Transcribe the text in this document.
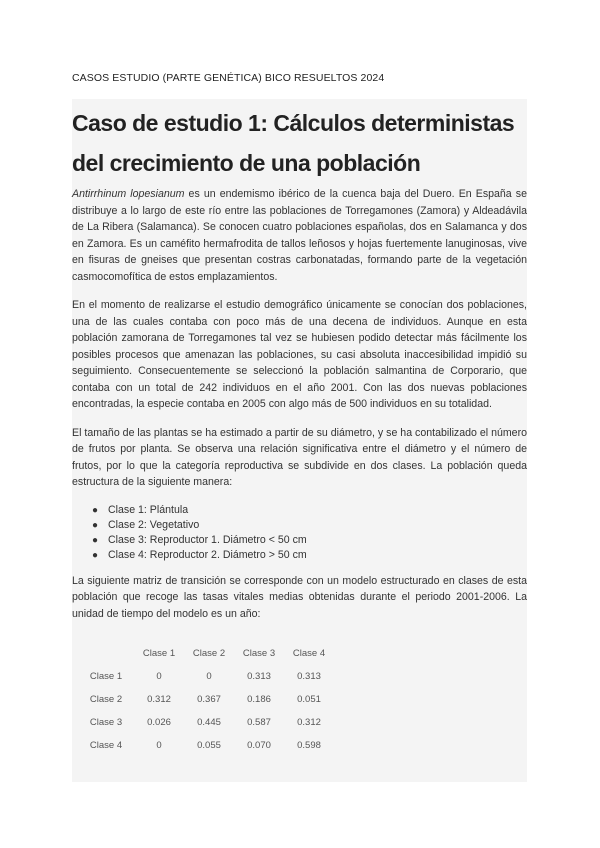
CASOS ESTUDIO (PARTE GENÉTICA) BICO RESUELTOS 2024
Caso de estudio 1: Cálculos deterministas del crecimiento de una población

Antirrhinum lopesianum es un endemismo ibérico de la cuenca baja del Duero. En España se distribuye a lo largo de este río entre las poblaciones de Torregamones (Zamora) y Aldeadávila de La Ribera (Salamanca). Se conocen cuatro poblaciones españolas, dos en Salamanca y dos en Zamora. Es un caméfito hermafrodita de tallos leñosos y hojas fuertemente lanuginosas, vive en fisuras de gneises que presentan costras carbonatadas, formando parte de la vegetación casmocomofítica de estos emplazamientos.

En el momento de realizarse el estudio demográfico únicamente se conocían dos poblaciones, una de las cuales contaba con poco más de una decena de individuos. Aunque en esta población zamorana de Torregamones tal vez se hubiesen podido detectar más fácilmente los posibles procesos que amenazan las poblaciones, su casi absoluta inaccesibilidad impidió su seguimiento. Consecuentemente se seleccionó la población salmantina de Corporario, que contaba con un total de 242 individuos en el año 2001. Con las dos nuevas poblaciones encontradas, la especie contaba en 2005 con algo más de 500 individuos en su totalidad.

El tamaño de las plantas se ha estimado a partir de su diámetro, y se ha contabilizado el número de frutos por planta. Se observa una relación significativa entre el diámetro y el número de frutos, por lo que la categoría reproductiva se subdivide en dos clases. La población queda estructura de la siguiente manera:

● Clase 1: Plántula
● Clase 2: Vegetativo
● Clase 3: Reproductor 1. Diámetro < 50 cm
● Clase 4: Reproductor 2. Diámetro > 50 cm

La siguiente matriz de transición se corresponde con un modelo estructurado en clases de esta población que recoge las tasas vitales medias obtenidas durante el periodo 2001-2006. La unidad de tiempo del modelo es un año:

	Clase 1	Clase 2	Clase 3	Clase 4
Clase 1	0	0	0.313	0.313
Clase 2	0.312	0.367	0.186	0.051
Clase 3	0.026	0.445	0.587	0.312
Clase 4	0	0.055	0.070	0.598
